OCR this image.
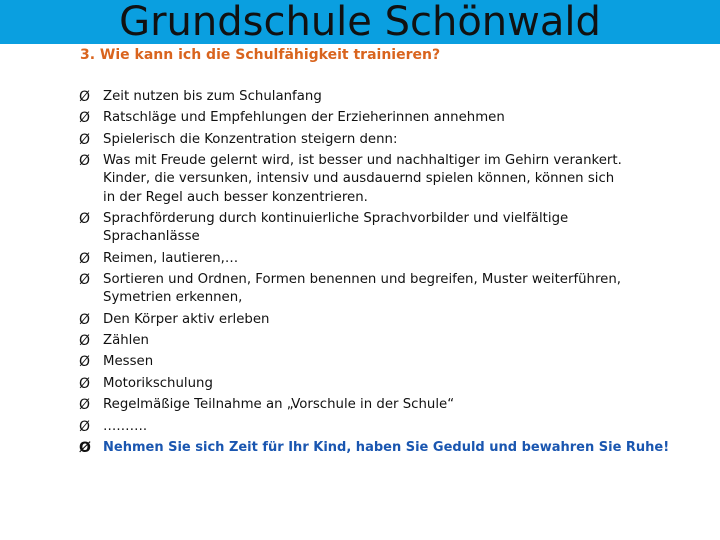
Grundschule Schönwald
3. Wie kann ich die Schulfähigkeit trainieren?
Ø Zeit nutzen bis zum Schulanfang
Ø Ratschläge und Empfehlungen der Erzieherinnen annehmen
Ø Spielerisch die Konzentration steigern denn:
Ø Was mit Freude gelernt wird, ist besser und nachhaltiger im Gehirn verankert.
Kinder, die versunken, intensiv und ausdauernd spielen können, können sich
in der Regel auch besser konzentrieren.
Ø Sprachförderung durch kontinuierliche Sprachvorbilder und vielfältige
Sprachanlässe
Ø Reimen, lautieren,…
Ø Sortieren und Ordnen, Formen benennen und begreifen, Muster weiterführen,
Symetrien erkennen,
Ø Den Körper aktiv erleben
Ø Zählen
Ø Messen
Ø Motorikschulung
Ø Regelmäßige Teilnahme an „Vorschule in der Schule“
Ø ……….
Ø Nehmen Sie sich Zeit für Ihr Kind, haben Sie Geduld und bewahren Sie Ruhe!
